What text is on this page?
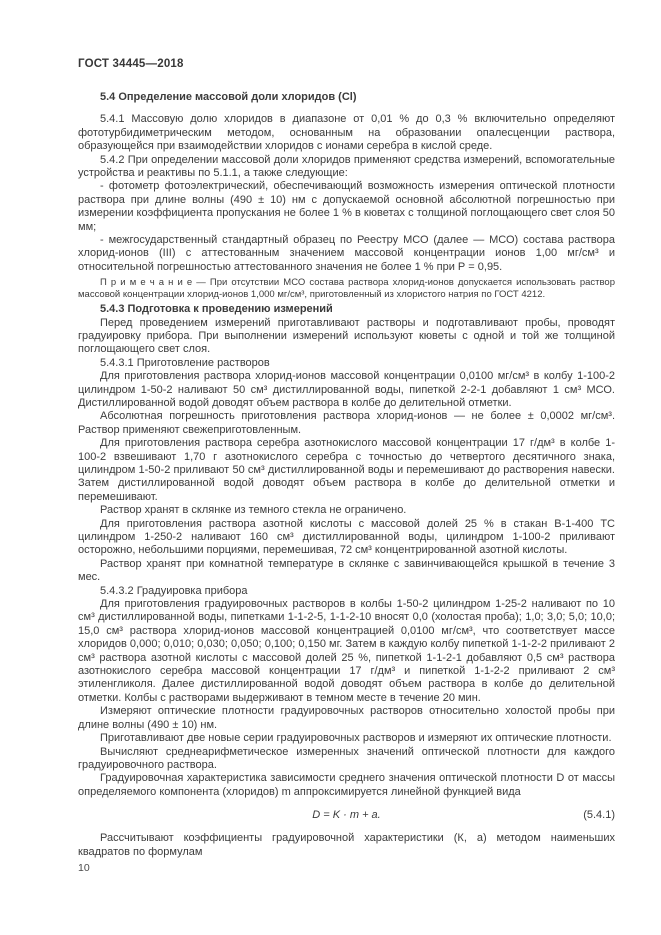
ГОСТ 34445—2018
5.4 Определение массовой доли хлоридов (Cl)

5.4.1 Массовую долю хлоридов в диапазоне от 0,01 % до 0,3 % включительно определяют фототурбидиметрическим методом, основанным на образовании опалесценции раствора, образующейся при взаимодействии хлоридов с ионами серебра в кислой среде.

5.4.2 При определении массовой доли хлоридов применяют средства измерений, вспомогательные устройства и реактивы по 5.1.1, а также следующие:

- фотометр фотоэлектрический, обеспечивающий возможность измерения оптической плотности раствора при длине волны (490 ± 10) нм с допускаемой основной абсолютной погрешностью при измерении коэффициента пропускания не более 1 % в кюветах с толщиной поглощающего свет слоя 50 мм;

- межгосударственный стандартный образец по Реестру МСО (далее — МСО) состава раствора хлорид-ионов (III) с аттестованным значением массовой концентрации ионов 1,00 мг/см³ и относительной погрешностью аттестованного значения не более 1 % при Р = 0,95.

П р и м е ч а н и е — При отсутствии МСО состава раствора хлорид-ионов допускается использовать раствор массовой концентрации хлорид-ионов 1,000 мг/см³, приготовленный из хлористого натрия по ГОСТ 4212.

5.4.3 Подготовка к проведению измерений

Перед проведением измерений приготавливают растворы и подготавливают пробы, проводят градуировку прибора. При выполнении измерений используют кюветы с одной и той же толщиной поглощающего свет слоя.

5.4.3.1 Приготовление растворов

Для приготовления раствора хлорид-ионов массовой концентрации 0,0100 мг/см³ в колбу 1-100-2 цилиндром 1-50-2 наливают 50 см³ дистиллированной воды, пипеткой 2-2-1 добавляют 1 см³ МСО. Дистиллированной водой доводят объем раствора в колбе до делительной отметки.

Абсолютная погрешность приготовления раствора хлорид-ионов — не более ± 0,0002 мг/см³. Раствор применяют свежеприготовленным.

Для приготовления раствора серебра азотнокислого массовой концентрации 17 г/дм³ в колбе 1-100-2 взвешивают 1,70 г азотнокислого серебра с точностью до четвертого десятичного знака, цилиндром 1-50-2 приливают 50 см³ дистиллированной воды и перемешивают до растворения навески. Затем дистиллированной водой доводят объем раствора в колбе до делительной отметки и перемешивают.

Раствор хранят в склянке из темного стекла не ограничено.

Для приготовления раствора азотной кислоты с массовой долей 25 % в стакан В-1-400 ТС цилиндром 1-250-2 наливают 160 см³ дистиллированной воды, цилиндром 1-100-2 приливают осторожно, небольшими порциями, перемешивая, 72 см³ концентрированной азотной кислоты.

Раствор хранят при комнатной температуре в склянке с завинчивающейся крышкой в течение 3 мес.

5.4.3.2 Градуировка прибора

Для приготовления градуировочных растворов в колбы 1-50-2 цилиндром 1-25-2 наливают по 10 см³ дистиллированной воды, пипетками 1-1-2-5, 1-1-2-10 вносят 0,0 (холостая проба); 1,0; 3,0; 5,0; 10,0; 15,0 см³ раствора хлорид-ионов массовой концентрацией 0,0100 мг/см³, что соответствует массе хлоридов 0,000; 0,010; 0,030; 0,050; 0,100; 0,150 мг. Затем в каждую колбу пипеткой 1-1-2-2 приливают 2 см³ раствора азотной кислоты с массовой долей 25 %, пипеткой 1-1-2-1 добавляют 0,5 см³ раствора азотнокислого серебра массовой концентрации 17 г/дм³ и пипеткой 1-1-2-2 приливают 2 см³ этиленгликоля. Далее дистиллированной водой доводят объем раствора в колбе до делительной отметки. Колбы с растворами выдерживают в темном месте в течение 20 мин.

Измеряют оптические плотности градуировочных растворов относительно холостой пробы при длине волны (490 ± 10) нм.

Приготавливают две новые серии градуировочных растворов и измеряют их оптические плотности.

Вычисляют среднеарифметическое измеренных значений оптической плотности для каждого градуировочного раствора.

Градуировочная характеристика зависимости среднего значения оптической плотности D от массы определяемого компонента (хлоридов) m аппроксимируется линейной функцией вида

D = K · m + a.	(5.4.1)

Рассчитывают коэффициенты градуировочной характеристики (К, а) методом наименьших квадратов по формулам

10
